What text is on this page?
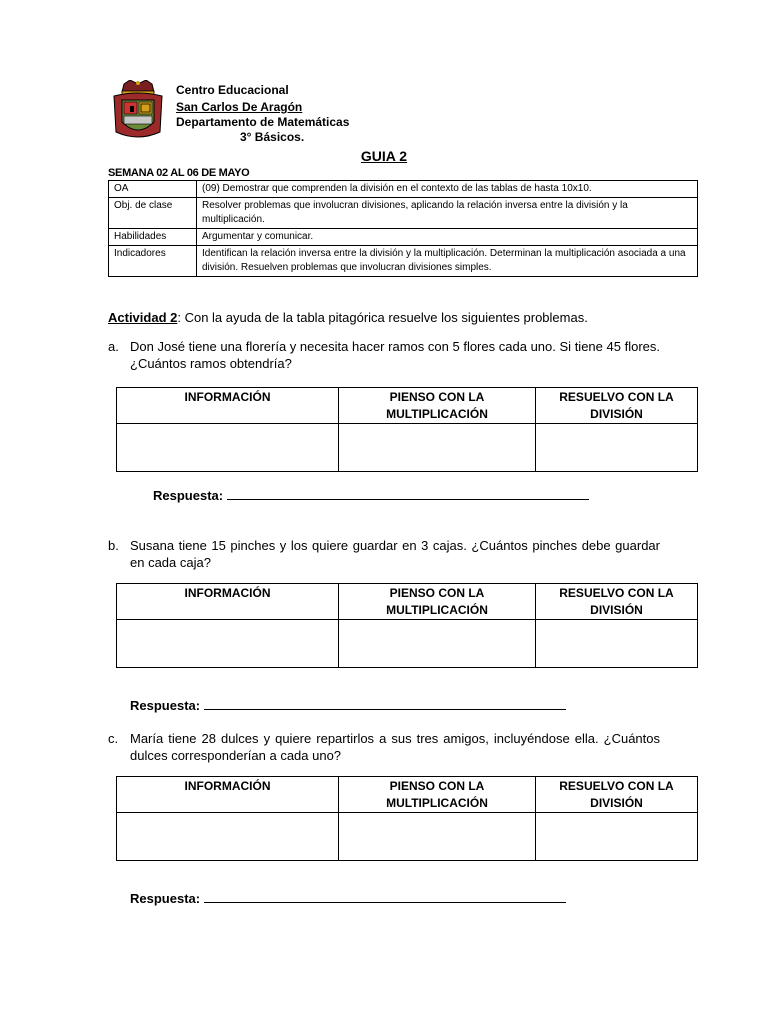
Centro Educacional
San Carlos De Aragón
Departamento de Matemáticas
3° Básicos.
GUIA 2
SEMANA 02 AL 06 DE MAYO
OA	(09) Demostrar que comprenden la división en el contexto de las tablas de hasta 10x10.
Obj. de clase	Resolver problemas que involucran divisiones, aplicando la relación inversa entre la división y la multiplicación.
Habilidades	Argumentar y comunicar.
Indicadores	Identifican la relación inversa entre la división y la multiplicación. Determinan la multiplicación asociada a una división. Resuelven problemas que involucran divisiones simples.
Actividad 2: Con la ayuda de la tabla pitagórica resuelve los siguientes problemas.
a. Don José tiene una florería y necesita hacer ramos con 5 flores cada uno. Si tiene 45 flores. ¿Cuántos ramos obtendría?
INFORMACIÓN	PIENSO CON LA MULTIPLICACIÓN	RESUELVO CON LA DIVISIÓN

Respuesta:
b. Susana tiene 15 pinches y los quiere guardar en 3 cajas. ¿Cuántos pinches debe guardar en cada caja?
INFORMACIÓN	PIENSO CON LA MULTIPLICACIÓN	RESUELVO CON LA DIVISIÓN

Respuesta:
c. María tiene 28 dulces y quiere repartirlos a sus tres amigos, incluyéndose ella. ¿Cuántos dulces corresponderían a cada uno?
INFORMACIÓN	PIENSO CON LA MULTIPLICACIÓN	RESUELVO CON LA DIVISIÓN

Respuesta:
